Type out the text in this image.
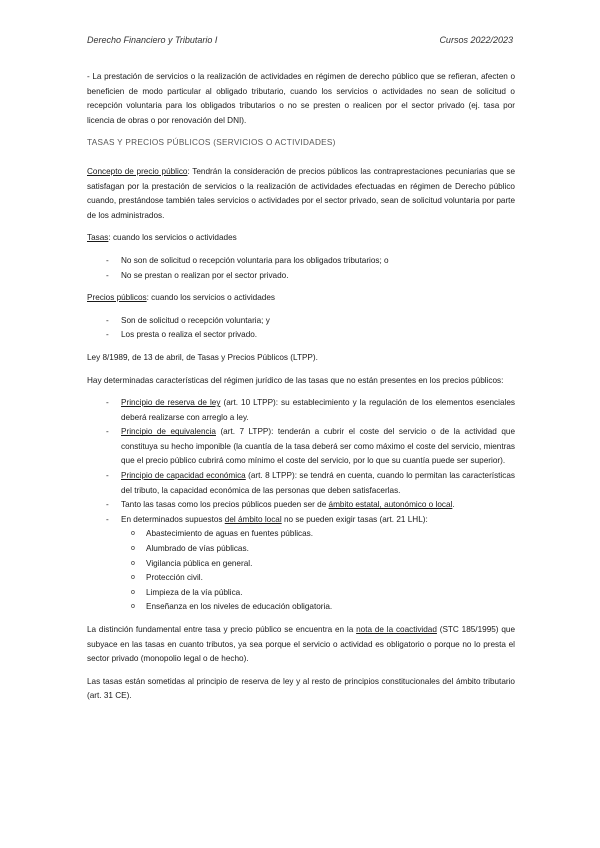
Derecho Financiero y Tributario I	Cursos 2022/2023

- La prestación de servicios o la realización de actividades en régimen de derecho público que se refieran, afecten o beneficien de modo particular al obligado tributario, cuando los servicios o actividades no sean de solicitud o recepción voluntaria para los obligados tributarios o no se presten o realicen por el sector privado (ej. tasa por licencia de obras o por renovación del DNI).

TASAS Y PRECIOS PÚBLICOS (SERVICIOS O ACTIVIDADES)

Concepto de precio público: Tendrán la consideración de precios públicos las contraprestaciones pecuniarias que se satisfagan por la prestación de servicios o la realización de actividades efectuadas en régimen de Derecho público cuando, prestándose también tales servicios o actividades por el sector privado, sean de solicitud voluntaria por parte de los administrados.

Tasas: cuando los servicios o actividades

- No son de solicitud o recepción voluntaria para los obligados tributarios; o
- No se prestan o realizan por el sector privado.

Precios públicos: cuando los servicios o actividades

- Son de solicitud o recepción voluntaria; y
- Los presta o realiza el sector privado.

Ley 8/1989, de 13 de abril, de Tasas y Precios Públicos (LTPP).

Hay determinadas características del régimen jurídico de las tasas que no están presentes en los precios públicos:

- Principio de reserva de ley (art. 10 LTPP): su establecimiento y la regulación de los elementos esenciales deberá realizarse con arreglo a ley.
- Principio de equivalencia (art. 7 LTPP): tenderán a cubrir el coste del servicio o de la actividad que constituya su hecho imponible (la cuantía de la tasa deberá ser como máximo el coste del servicio, mientras que el precio público cubrirá como mínimo el coste del servicio, por lo que su cuantía puede ser superior).
- Principio de capacidad económica (art. 8 LTPP): se tendrá en cuenta, cuando lo permitan las características del tributo, la capacidad económica de las personas que deben satisfacerlas.
- Tanto las tasas como los precios públicos pueden ser de ámbito estatal, autonómico o local.
- En determinados supuestos del ámbito local no se pueden exigir tasas (art. 21 LHL):
o Abastecimiento de aguas en fuentes públicas.
o Alumbrado de vías públicas.
o Vigilancia pública en general.
o Protección civil.
o Limpieza de la vía pública.
o Enseñanza en los niveles de educación obligatoria.

La distinción fundamental entre tasa y precio público se encuentra en la nota de la coactividad (STC 185/1995) que subyace en las tasas en cuanto tributos, ya sea porque el servicio o actividad es obligatorio o porque no lo presta el sector privado (monopolio legal o de hecho).

Las tasas están sometidas al principio de reserva de ley y al resto de principios constitucionales del ámbito tributario (art. 31 CE).
